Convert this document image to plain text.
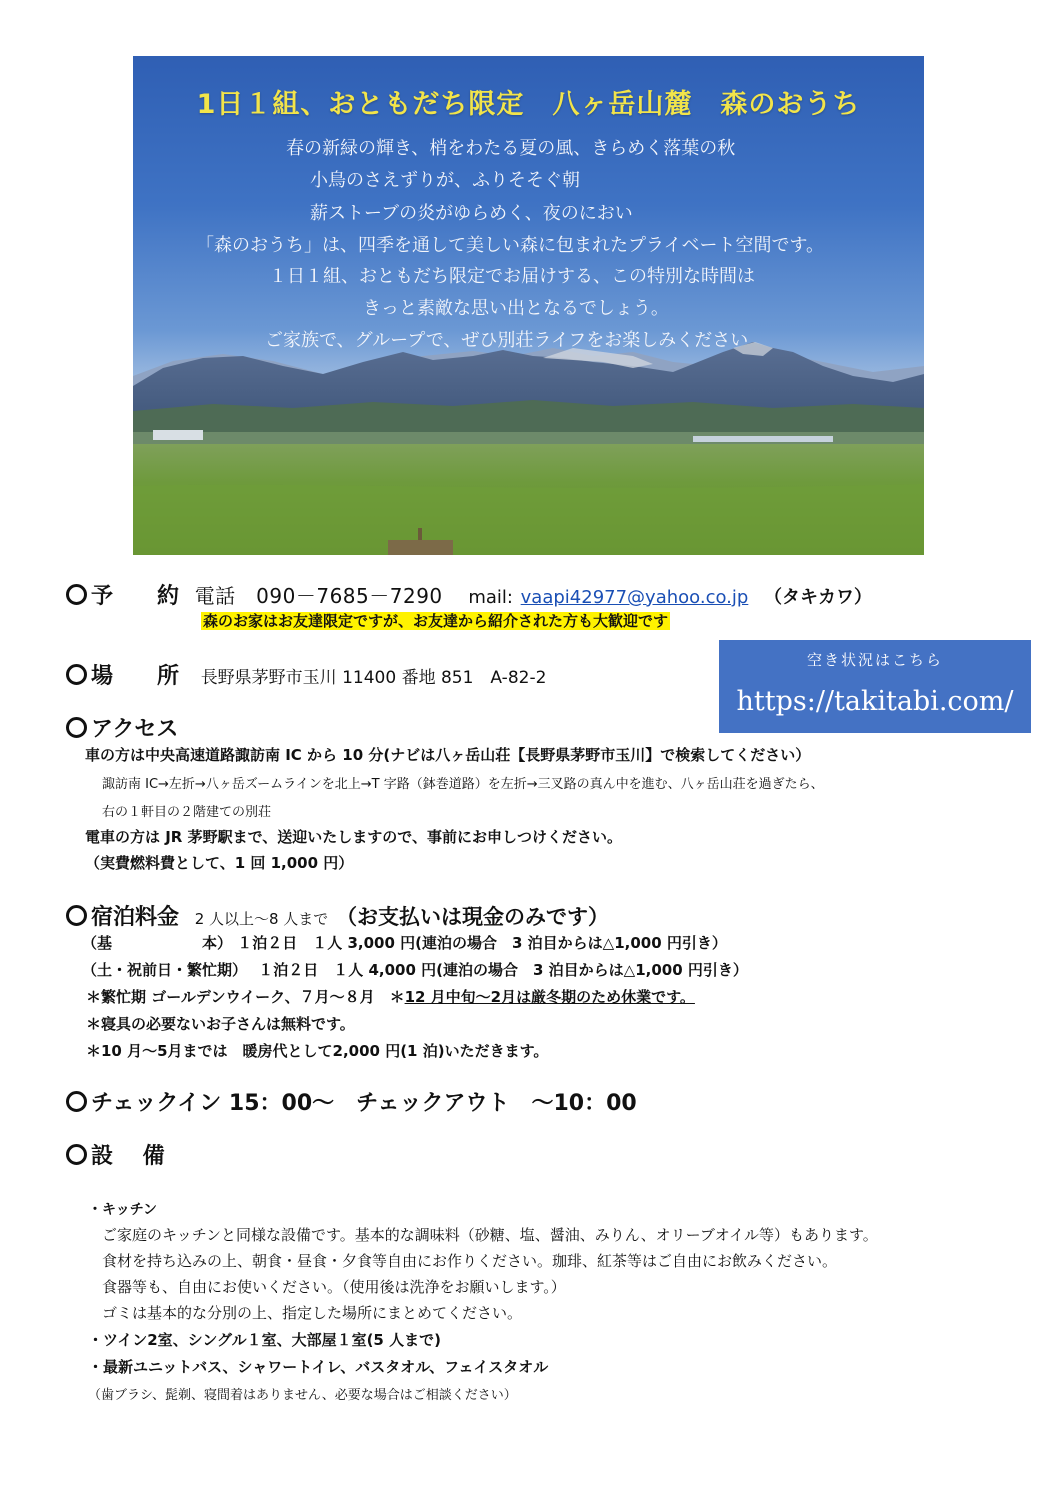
1日１組、おともだち限定　八ヶ岳山麓　森のおうち
春の新緑の輝き、梢をわたる夏の風、きらめく落葉の秋
小鳥のさえずりが、ふりそそぐ朝
薪ストーブの炎がゆらめく、夜のにおい
「森のおうち」は、四季を通して美しい森に包まれたプライベート空間です。
１日１組、おともだち限定でお届けする、この特別な時間は
きっと素敵な思い出となるでしょう。
ご家族で、グループで、ぜひ別荘ライフをお楽しみください
予　　約 電話　090－7685－7290 mail: vaapi42977@yahoo.co.jp （タキカワ）
森のお家はお友達限定ですが、お友達から紹介された方も大歓迎です
場　　所 長野県茅野市玉川 11400 番地 851　A-82-2
空き状況はこちら
https://takitabi.com/
アクセス
車の方は中央高速道路諏訪南 IC から 10 分(ナビは八ヶ岳山荘【長野県茅野市玉川】で検索してください）
諏訪南 IC→左折→八ヶ岳ズームラインを北上→T 字路（鉢巻道路）を左折→三叉路の真ん中を進む、八ヶ岳山荘を過ぎたら、
右の１軒目の２階建ての別荘
電車の方は JR 茅野駅まで、送迎いたしますので、事前にお申しつけください。
（実費燃料費として、1 回 1,000 円）
宿泊料金 2 人以上～8 人まで （お支払いは現金のみです）
（基　　　　　　本） １泊２日　１人 3,000 円(連泊の場合　3 泊目からは△1,000 円引き）
（土・祝前日・繁忙期） １泊２日　１人 4,000 円(連泊の場合　3 泊目からは△1,000 円引き）
＊繁忙期 ゴールデンウイーク、７月～８月　＊12 月中旬～2月は厳冬期のため休業です。
＊寝具の必要ないお子さんは無料です。
＊10 月～5月までは　暖房代として2,000 円(1 泊)いただきます。
チェックイン 15：00～　チェックアウト　～10：00
設　 備
・キッチン
ご家庭のキッチンと同様な設備です。基本的な調味料（砂糖、塩、醤油、みりん、オリーブオイル等）もあります。
食材を持ち込みの上、朝食・昼食・夕食等自由にお作りください。珈琲、紅茶等はご自由にお飲みください。
食器等も、自由にお使いください。（使用後は洗浄をお願いします。）
ゴミは基本的な分別の上、指定した場所にまとめてください。
・ツイン2室、シングル１室、大部屋１室(5 人まで)
・最新ユニットバス、シャワートイレ、バスタオル、フェイスタオル
（歯ブラシ、髭剃、寝間着はありません、必要な場合はご相談ください）
